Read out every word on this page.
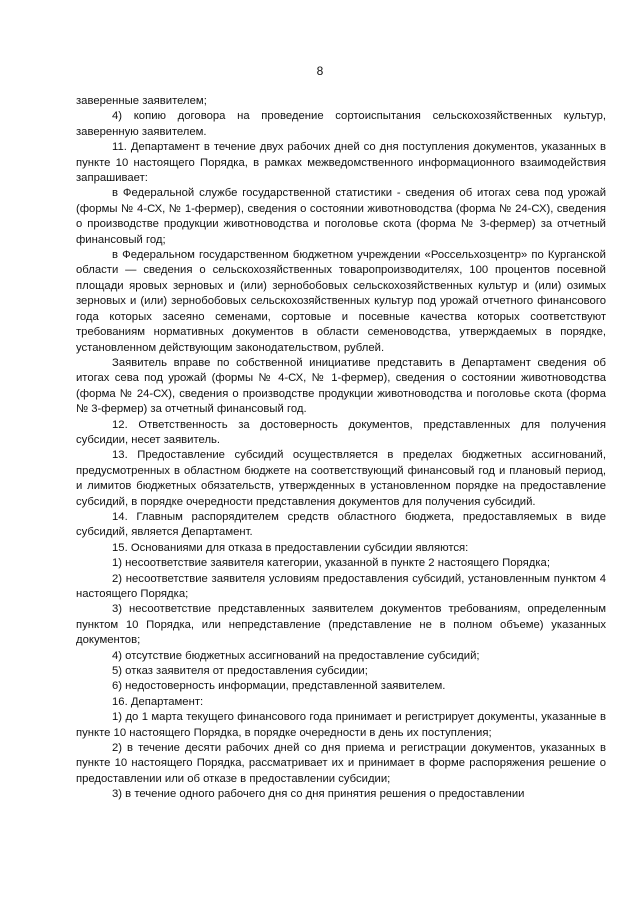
8

заверенные заявителем;

4) копию договора на проведение сортоиспытания сельскохозяйственных культур, заверенную заявителем.

11. Департамент в течение двух рабочих дней со дня поступления документов, указанных в пункте 10 настоящего Порядка, в рамках межведомственного информационного взаимодействия запрашивает:

в Федеральной службе государственной статистики - сведения об итогах сева под урожай (формы № 4-СХ, № 1-фермер), сведения о состоянии животноводства (форма № 24-СХ), сведения о производстве продукции животноводства и поголовье скота (форма № 3-фермер) за отчетный финансовый год;

в Федеральном государственном бюджетном учреждении «Россельхозцентр» по Курганской области — сведения о сельскохозяйственных товаропроизводителях, 100 процентов посевной площади яровых зерновых и (или) зернобобовых сельскохозяйственных культур и (или) озимых зерновых и (или) зернобобовых сельскохозяйственных культур под урожай отчетного финансового года которых засеяно семенами, сортовые и посевные качества которых соответствуют требованиям нормативных документов в области семеноводства, утверждаемых в порядке, установленном действующим законодательством, рублей.

Заявитель вправе по собственной инициативе представить в Департамент сведения об итогах сева под урожай (формы № 4-СХ, № 1-фермер), сведения о состоянии животноводства (форма № 24-СХ), сведения о производстве продукции животноводства и поголовье скота (форма № 3-фермер) за отчетный финансовый год.

12. Ответственность за достоверность документов, представленных для получения субсидии, несет заявитель.

13. Предоставление субсидий осуществляется в пределах бюджетных ассигнований, предусмотренных в областном бюджете на соответствующий финансовый год и плановый период, и лимитов бюджетных обязательств, утвержденных в установленном порядке на предоставление субсидий, в порядке очередности представления документов для получения субсидий.

14. Главным распорядителем средств областного бюджета, предоставляемых в виде субсидий, является Департамент.

15. Основаниями для отказа в предоставлении субсидии являются:

1) несоответствие заявителя категории, указанной в пункте 2 настоящего Порядка;

2) несоответствие заявителя условиям предоставления субсидий, установленным пунктом 4 настоящего Порядка;

3) несоответствие представленных заявителем документов требованиям, определенным пунктом 10 Порядка, или непредставление (представление не в полном объеме) указанных документов;

4) отсутствие бюджетных ассигнований на предоставление субсидий;

5) отказ заявителя от предоставления субсидии;

6) недостоверность информации, представленной заявителем.

16. Департамент:

1) до 1 марта текущего финансового года принимает и регистрирует документы, указанные в пункте 10 настоящего Порядка, в порядке очередности в день их поступления;

2) в течение десяти рабочих дней со дня приема и регистрации документов, указанных в пункте 10 настоящего Порядка, рассматривает их и принимает в форме распоряжения решение о предоставлении или об отказе в предоставлении субсидии;

3) в течение одного рабочего дня со дня принятия решения о предоставлении
